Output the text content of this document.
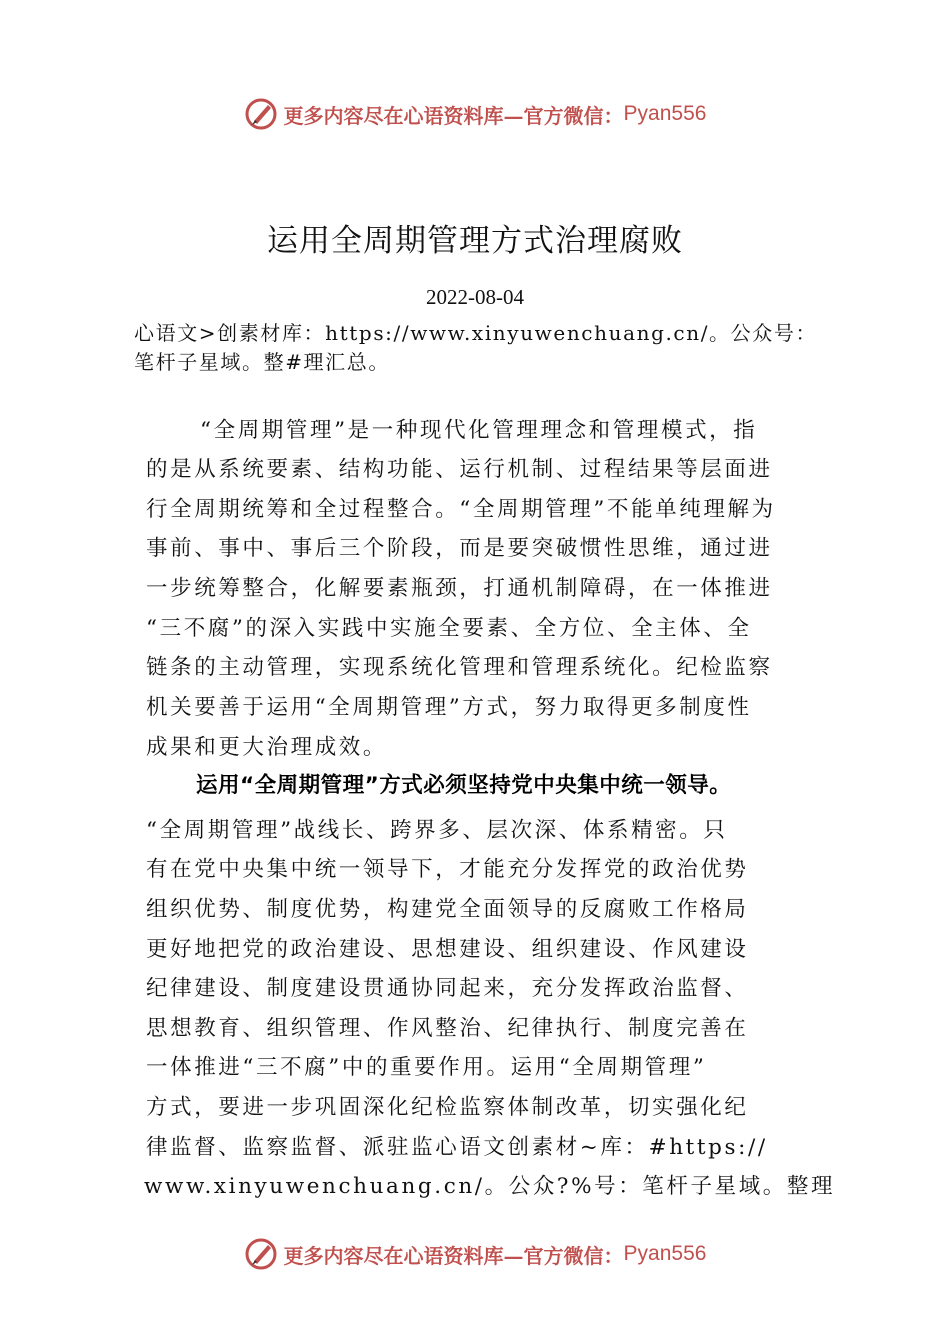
更多内容尽在心语资料库—官方微信： Pyan556
运用全周期管理方式治理腐败
2022-08-04
心语文>创素材库：https://www.xinyuwenchuang.cn/。公众号：
笔杆子星域。整#理汇总。
“全周期管理”是一种现代化管理理念和管理模式，指
的是从系统要素、结构功能、运行机制、过程结果等层面进
行全周期统筹和全过程整合。“全周期管理”不能单纯理解为
事前、事中、事后三个阶段，而是要突破惯性思维，通过进
一步统筹整合，化解要素瓶颈，打通机制障碍，在一体推进
“三不腐”的深入实践中实施全要素、全方位、全主体、全
链条的主动管理，实现系统化管理和管理系统化。纪检监察
机关要善于运用“全周期管理”方式，努力取得更多制度性
成果和更大治理成效。
运用“全周期管理”方式必须坚持党中央集中统一领导。
“全周期管理”战线长、跨界多、层次深、体系精密。只
有在党中央集中统一领导下，才能充分发挥党的政治优势
组织优势、制度优势，构建党全面领导的反腐败工作格局
更好地把党的政治建设、思想建设、组织建设、作风建设
纪律建设、制度建设贯通协同起来，充分发挥政治监督、
思想教育、组织管理、作风整治、纪律执行、制度完善在
一体推进“三不腐”中的重要作用。运用“全周期管理”
方式，要进一步巩固深化纪检监察体制改革，切实强化纪
律监督、监察监督、派驻监心语文创素材~库：#https://
www.xinyuwenchuang.cn/。公众?%号：笔杆子星域。整理
更多内容尽在心语资料库—官方微信： Pyan556
